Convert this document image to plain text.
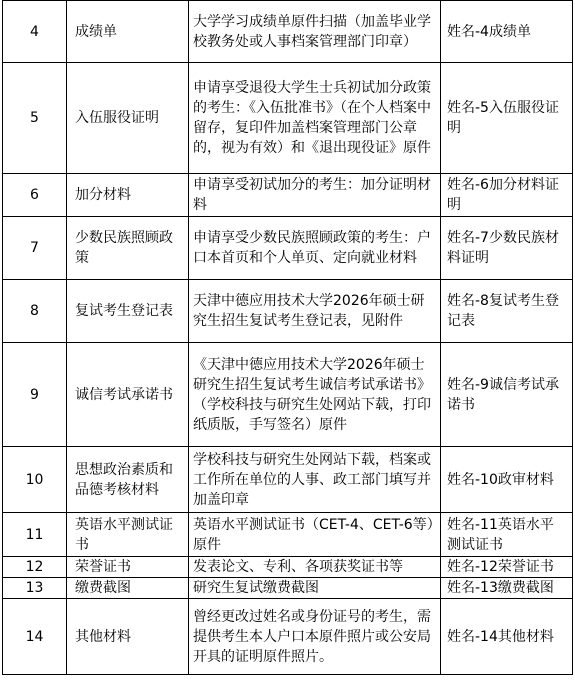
4	成绩单	大学学习成绩单原件扫描（加盖毕业学校教务处或人事档案管理部门印章）	姓名-4成绩单
5	入伍服役证明	申请享受退役大学生士兵初试加分政策的考生：《入伍批准书》（在个人档案中留存，复印件加盖档案管理部门公章的，视为有效）和《退出现役证》原件	姓名-5入伍服役证明
6	加分材料	申请享受初试加分的考生：加分证明材料	姓名-6加分材料证明
7	少数民族照顾政策	申请享受少数民族照顾政策的考生：户口本首页和个人单页、定向就业材料	姓名-7少数民族材料证明
8	复试考生登记表	天津中德应用技术大学2026年硕士研究生招生复试考生登记表，见附件	姓名-8复试考生登记表
9	诚信考试承诺书	《天津中德应用技术大学2026年硕士研究生招生复试考生诚信考试承诺书》（学校科技与研究生处网站下载，打印纸质版，手写签名）原件	姓名-9诚信考试承诺书
10	思想政治素质和品德考核材料	学校科技与研究生处网站下载，档案或工作所在单位的人事、政工部门填写并加盖印章	姓名-10政审材料
11	英语水平测试证书	英语水平测试证书（CET-4、CET-6等）原件	姓名-11英语水平测试证书
12	荣誉证书	发表论文、专利、各项获奖证书等	姓名-12荣誉证书
13	缴费截图	研究生复试缴费截图	姓名-13缴费截图
14	其他材料	曾经更改过姓名或身份证号的考生，需提供考生本人户口本原件照片或公安局开具的证明原件照片。	姓名-14其他材料
